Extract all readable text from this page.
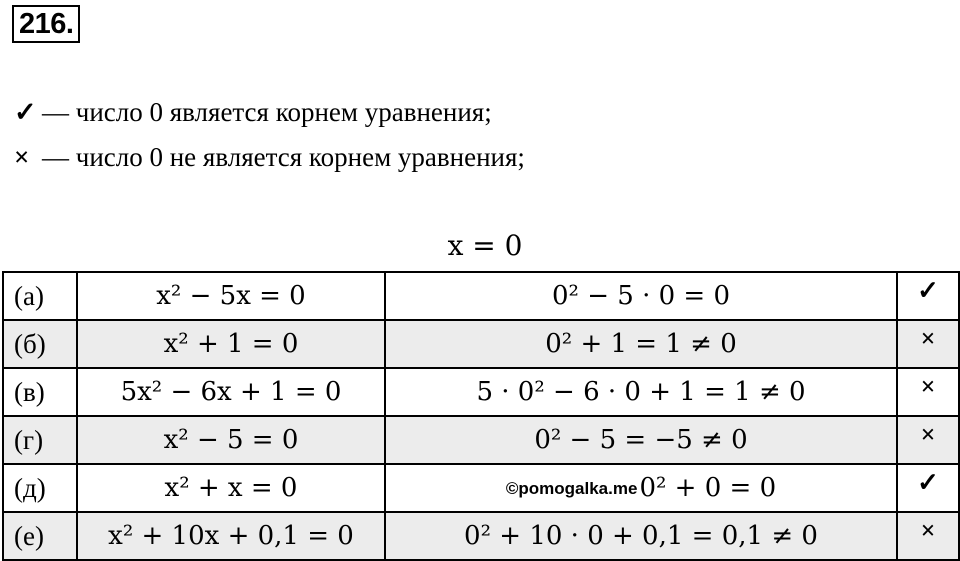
216.
✓ — число 0 является корнем уравнения;
× — число 0 не является корнем уравнения;
x = 0
(а)	x² − 5x = 0	0² − 5 · 0 = 0	✓
(б)	x² + 1 = 0	0² + 1 = 1 ≠ 0	×
(в)	5x² − 6x + 1 = 0	5 · 0² − 6 · 0 + 1 = 1 ≠ 0	×
(г)	x² − 5 = 0	0² − 5 = −5 ≠ 0	×
(д)	x² + x = 0	©pomogalka.me0² + 0 = 0	✓
(е)	x² + 10x + 0,1 = 0	0² + 10 · 0 + 0,1 = 0,1 ≠ 0	×
